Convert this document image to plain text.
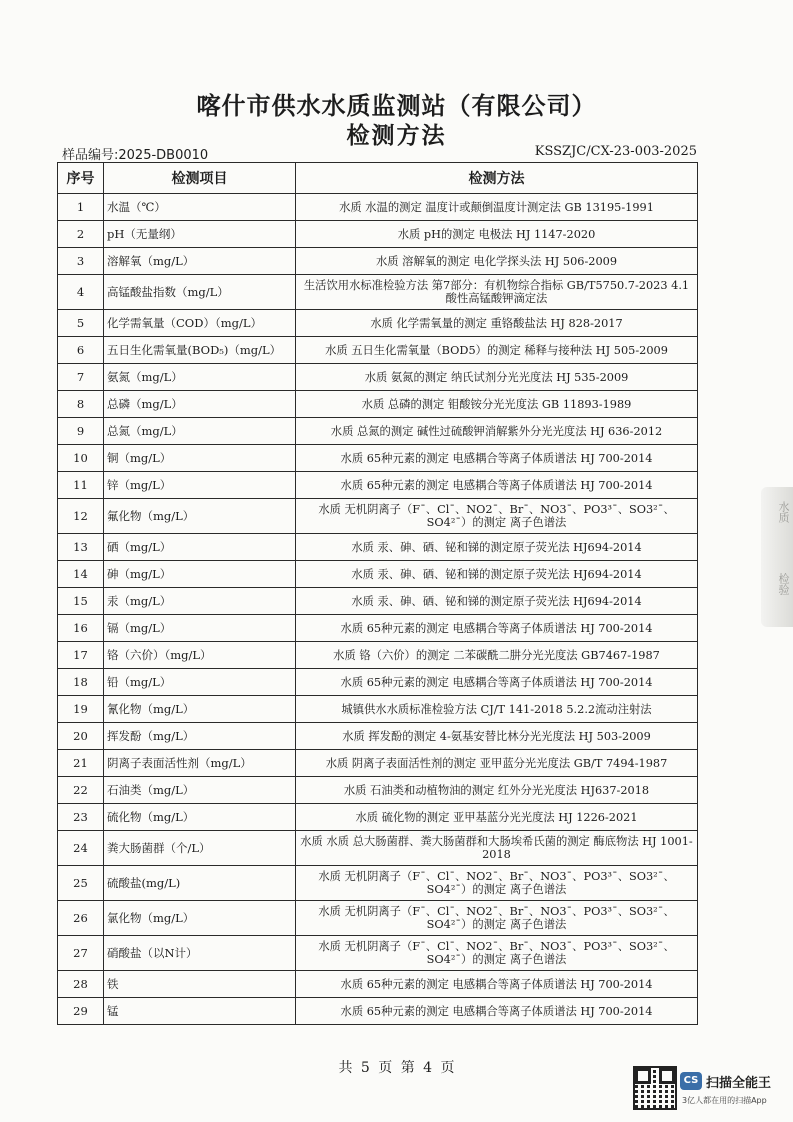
喀什市供水水质监测站（有限公司）
检测方法
样品编号:2025-DB0010	KSSZJC/CX-23-003-2025
序号	检测项目	检测方法
1	水温（℃）	水质 水温的测定 温度计或颠倒温度计测定法 GB 13195-1991
2	pH（无量纲）	水质 pH的测定 电极法 HJ 1147-2020
3	溶解氧（mg/L）	水质 溶解氧的测定 电化学探头法 HJ 506-2009
4	高锰酸盐指数（mg/L）	生活饮用水标准检验方法 第7部分：有机物综合指标 GB/T5750.7-2023 4.1 酸性高锰酸钾滴定法
5	化学需氧量（COD）（mg/L）	水质 化学需氧量的测定 重铬酸盐法 HJ 828-2017
6	五日生化需氧量(BOD₅)（mg/L）	水质 五日生化需氧量（BOD5）的测定 稀释与接种法 HJ 505-2009
7	氨氮（mg/L）	水质 氨氮的测定 纳氏试剂分光光度法 HJ 535-2009
8	总磷（mg/L）	水质 总磷的测定 钼酸铵分光光度法 GB 11893-1989
9	总氮（mg/L）	水质 总氮的测定 碱性过硫酸钾消解紫外分光光度法 HJ 636-2012
10	铜（mg/L）	水质 65种元素的测定 电感耦合等离子体质谱法 HJ 700-2014
11	锌（mg/L）	水质 65种元素的测定 电感耦合等离子体质谱法 HJ 700-2014
12	氟化物（mg/L）	水质 无机阴离子（F¯、Cl¯、NO2¯、Br¯、NO3¯、PO3³¯、SO3²¯、SO4²¯）的测定 离子色谱法
13	硒（mg/L）	水质 汞、砷、硒、铋和锑的测定原子荧光法 HJ694-2014
14	砷（mg/L）	水质 汞、砷、硒、铋和锑的测定原子荧光法 HJ694-2014
15	汞（mg/L）	水质 汞、砷、硒、铋和锑的测定原子荧光法 HJ694-2014
16	镉（mg/L）	水质 65种元素的测定 电感耦合等离子体质谱法 HJ 700-2014
17	铬（六价）（mg/L）	水质 铬（六价）的测定 二苯碳酰二肼分光光度法 GB7467-1987
18	铅（mg/L）	水质 65种元素的测定 电感耦合等离子体质谱法 HJ 700-2014
19	氰化物（mg/L）	城镇供水水质标准检验方法 CJ/T 141-2018 5.2.2流动注射法
20	挥发酚（mg/L）	水质 挥发酚的测定 4-氨基安替比林分光光度法 HJ 503-2009
21	阴离子表面活性剂（mg/L）	水质 阴离子表面活性剂的测定 亚甲蓝分光光度法 GB/T 7494-1987
22	石油类（mg/L）	水质 石油类和动植物油的测定 红外分光光度法 HJ637-2018
23	硫化物（mg/L）	水质 硫化物的测定 亚甲基蓝分光光度法 HJ 1226-2021
24	粪大肠菌群（个/L）	水质 水质 总大肠菌群、粪大肠菌群和大肠埃希氏菌的测定 酶底物法 HJ 1001-2018
25	硫酸盐(mg/L)	水质 无机阴离子（F¯、Cl¯、NO2¯、Br¯、NO3¯、PO3³¯、SO3²¯、SO4²¯）的测定 离子色谱法
26	氯化物（mg/L）	水质 无机阴离子（F¯、Cl¯、NO2¯、Br¯、NO3¯、PO3³¯、SO3²¯、SO4²¯）的测定 离子色谱法
27	硝酸盐（以N计）	水质 无机阴离子（F¯、Cl¯、NO2¯、Br¯、NO3¯、PO3³¯、SO3²¯、SO4²¯）的测定 离子色谱法
28	铁	水质 65种元素的测定 电感耦合等离子体质谱法 HJ 700-2014
29	锰	水质 65种元素的测定 电感耦合等离子体质谱法 HJ 700-2014
水质
检验
共 5 页 第 4 页
CS 扫描全能王
3亿人都在用的扫描App
